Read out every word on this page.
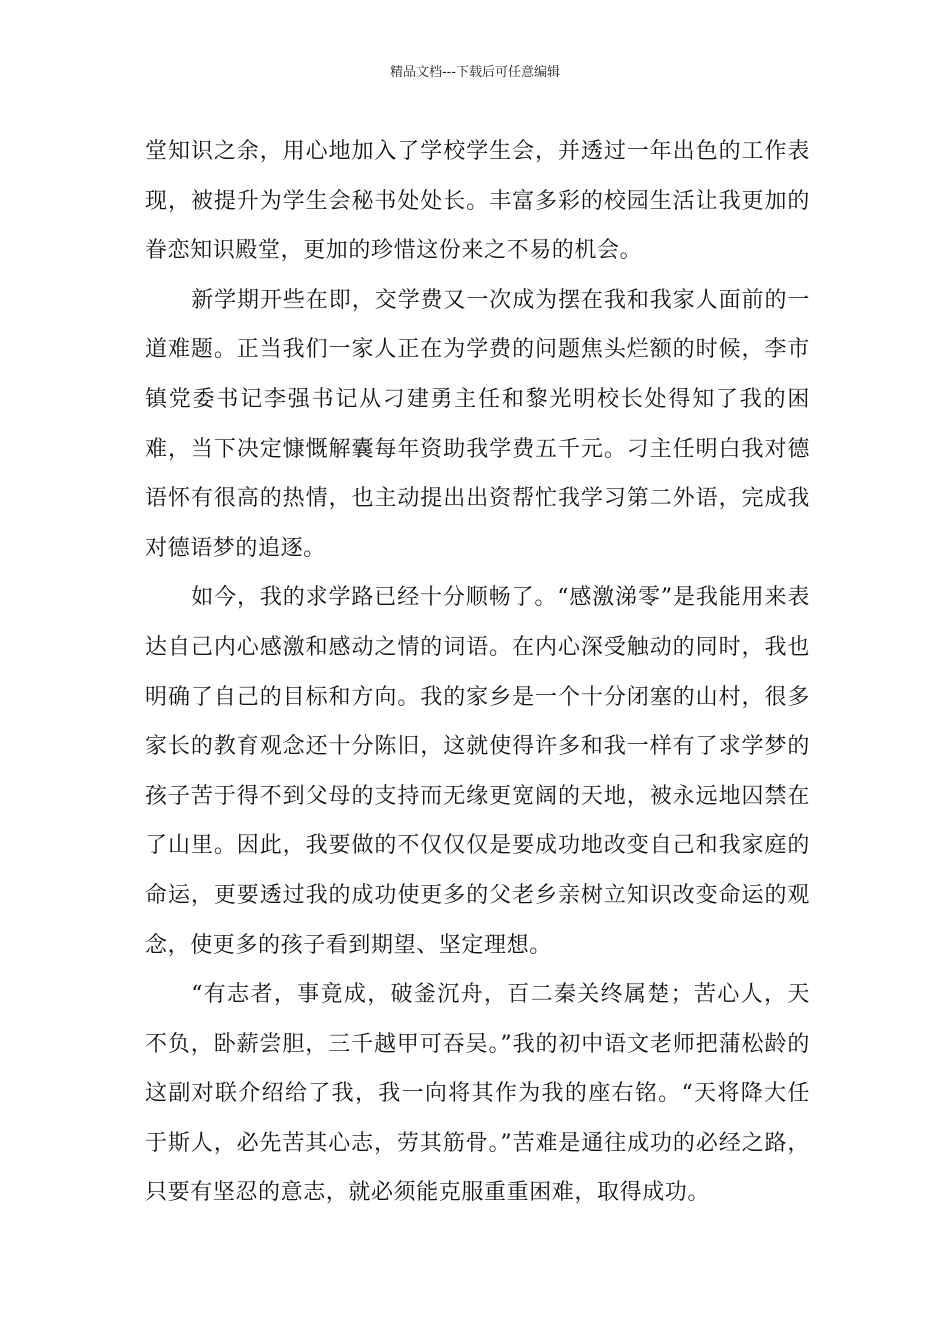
精品文档---下载后可任意编辑

堂知识之余，用心地加入了学校学生会，并透过一年出色的工作表现，被提升为学生会秘书处处长。丰富多彩的校园生活让我更加的眷恋知识殿堂，更加的珍惜这份来之不易的机会。

新学期开些在即，交学费又一次成为摆在我和我家人面前的一道难题。正当我们一家人正在为学费的问题焦头烂额的时候，李市镇党委书记李强书记从刁建勇主任和黎光明校长处得知了我的困难，当下决定慷慨解囊每年资助我学费五千元。刁主任明白我对德语怀有很高的热情，也主动提出出资帮忙我学习第二外语，完成我对德语梦的追逐。

如今，我的求学路已经十分顺畅了。“感激涕零”是我能用来表达自己内心感激和感动之情的词语。在内心深受触动的同时，我也明确了自己的目标和方向。我的家乡是一个十分闭塞的山村，很多家长的教育观念还十分陈旧，这就使得许多和我一样有了求学梦的孩子苦于得不到父母的支持而无缘更宽阔的天地，被永远地囚禁在了山里。因此，我要做的不仅仅仅是要成功地改变自己和我家庭的命运，更要透过我的成功使更多的父老乡亲树立知识改变命运的观念，使更多的孩子看到期望、坚定理想。

“有志者，事竟成，破釜沉舟，百二秦关终属楚；苦心人，天不负，卧薪尝胆，三千越甲可吞吴。”我的初中语文老师把蒲松龄的这副对联介绍给了我，我一向将其作为我的座右铭。“天将降大任于斯人，必先苦其心志，劳其筋骨。”苦难是通往成功的必经之路，只要有坚忍的意志，就必须能克服重重困难，取得成功。
